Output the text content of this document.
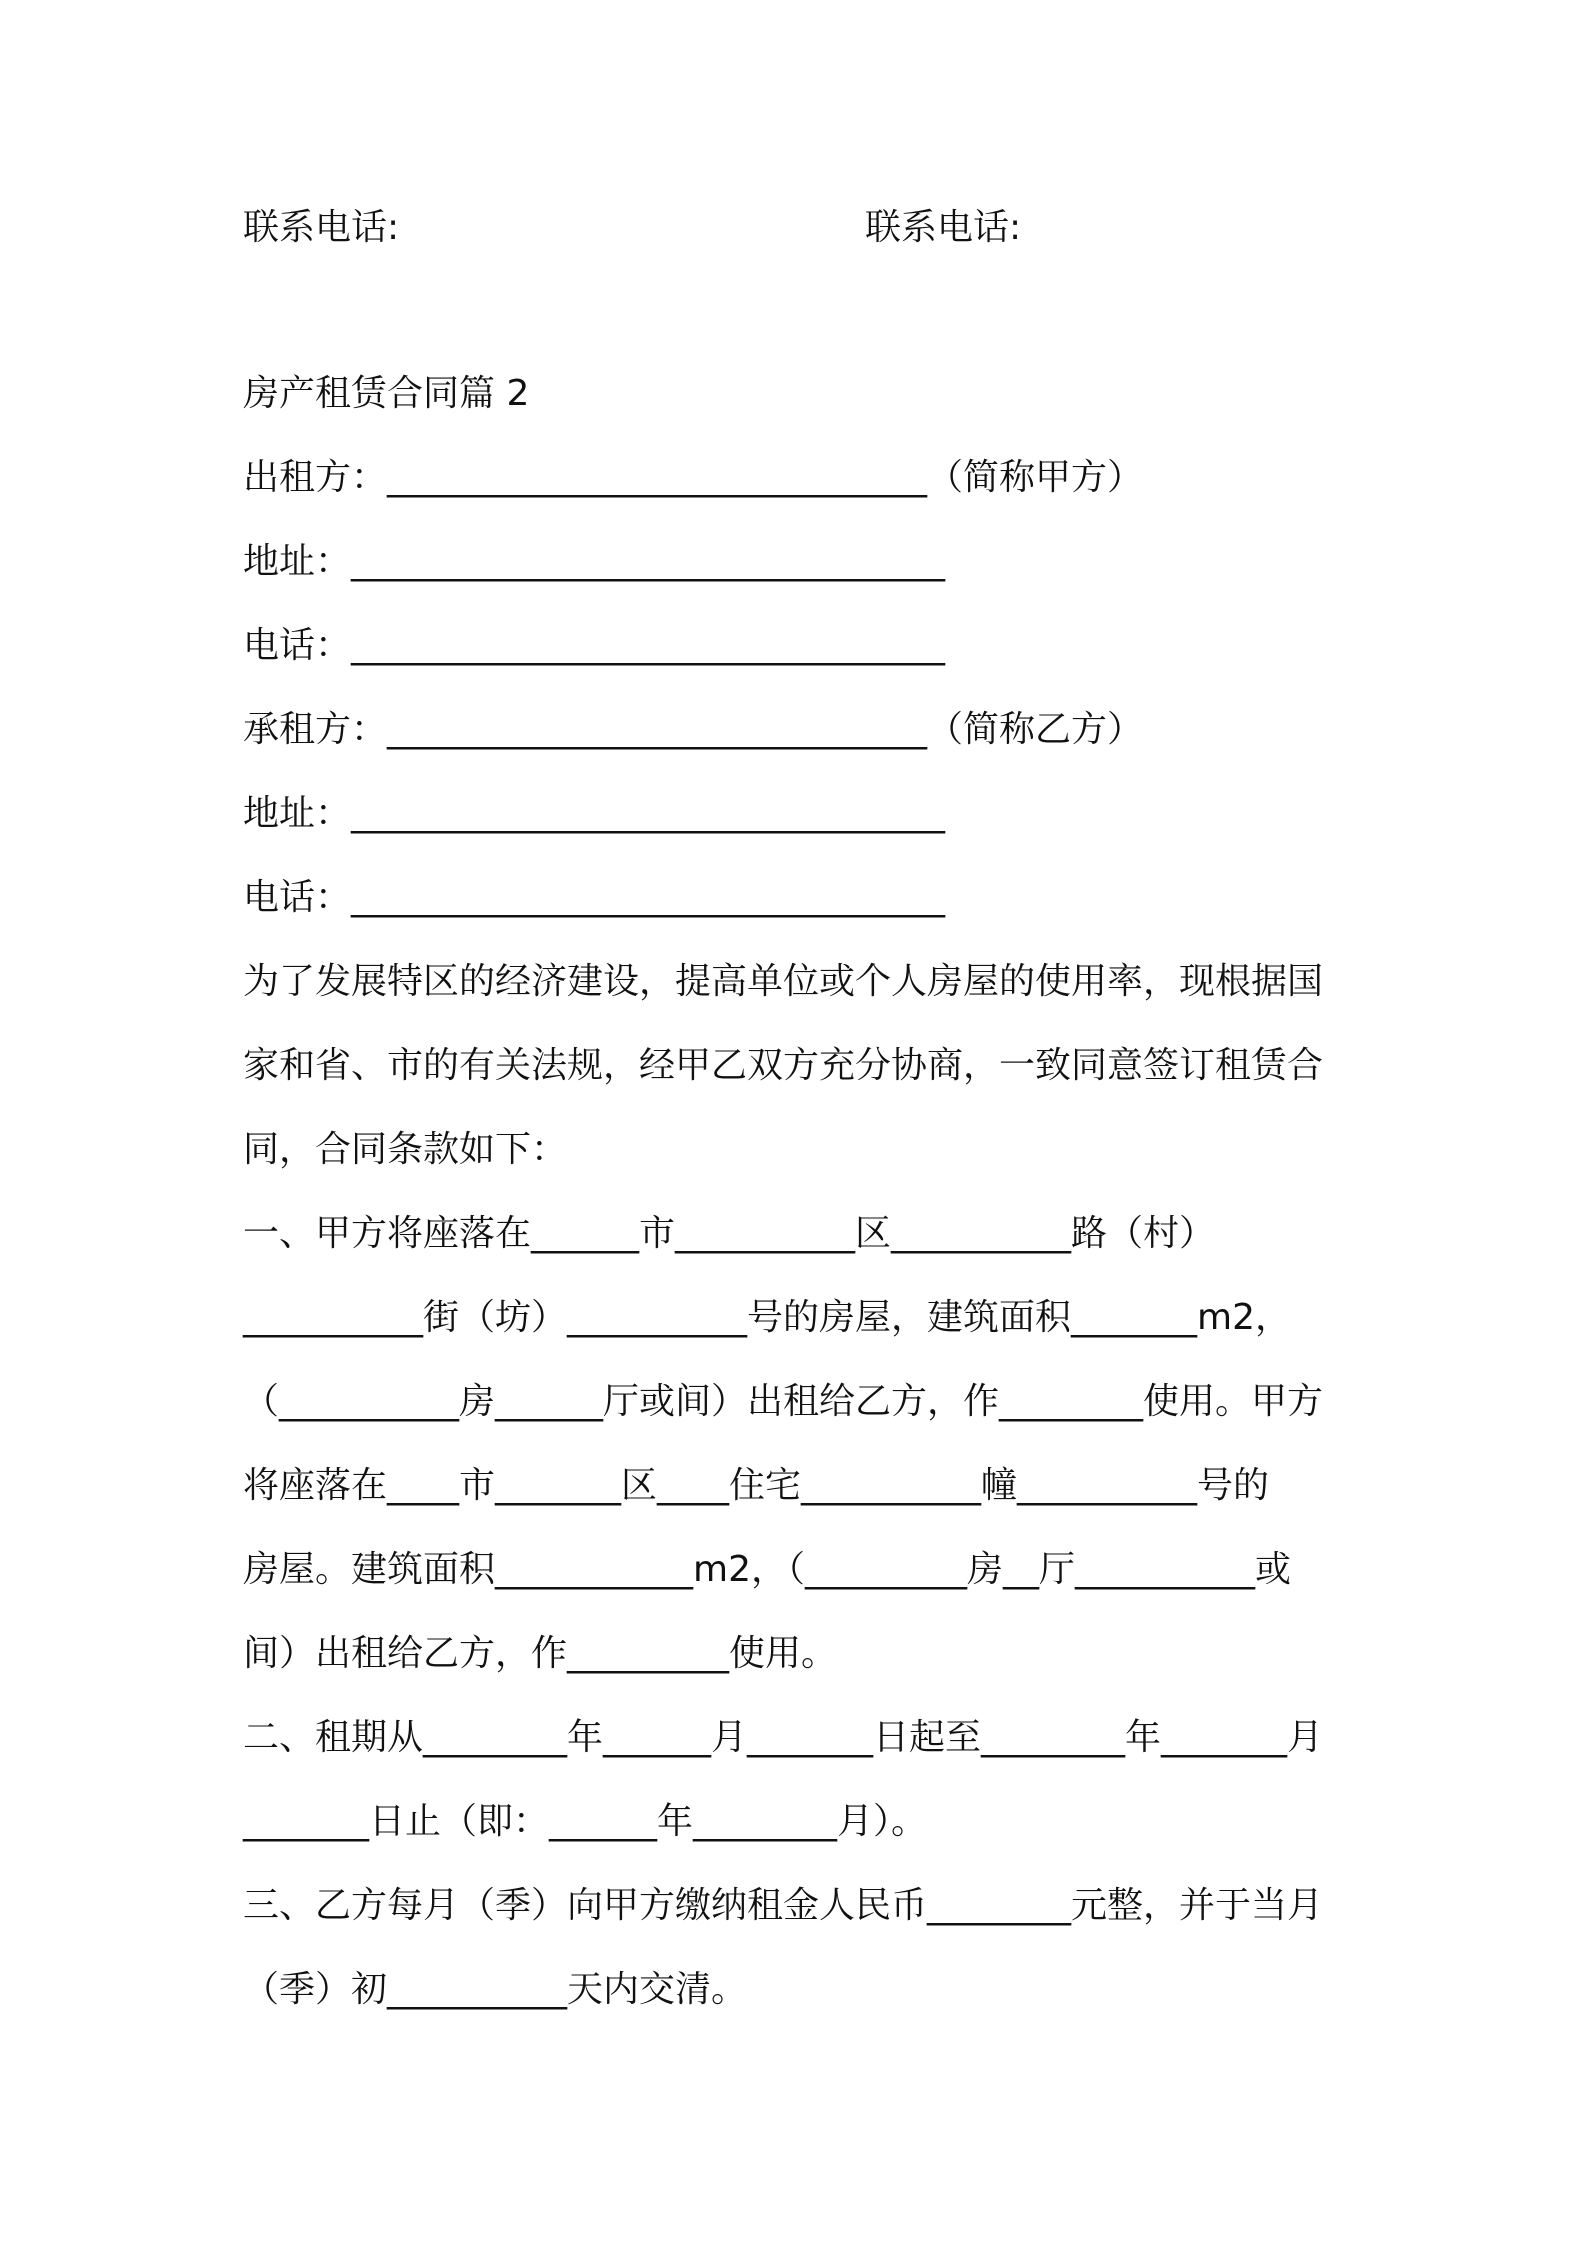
联系电话:	联系电话:
房产租赁合同篇 2
出租方：______________________________（简称甲方）
地址：_________________________________
电话：_________________________________
承租方：______________________________（简称乙方）
地址：_________________________________
电话：_________________________________
为了发展特区的经济建设，提高单位或个人房屋的使用率，现根据国
家和省、市的有关法规，经甲乙双方充分协商，一致同意签订租赁合
同，合同条款如下：
一、甲方将座落在______市__________区__________路（村）
__________街（坊）__________号的房屋，建筑面积_______m2，
（__________房______厅或间）出租给乙方，作________使用。甲方
将座落在____市_______区____住宅__________幢__________号的
房屋。建筑面积___________m2，（_________房__厅__________或
间）出租给乙方，作_________使用。
二、租期从________年______月_______日起至________年_______月
_______日止（即：______年________月）。
三、乙方每月（季）向甲方缴纳租金人民币________元整，并于当月
（季）初__________天内交清。
